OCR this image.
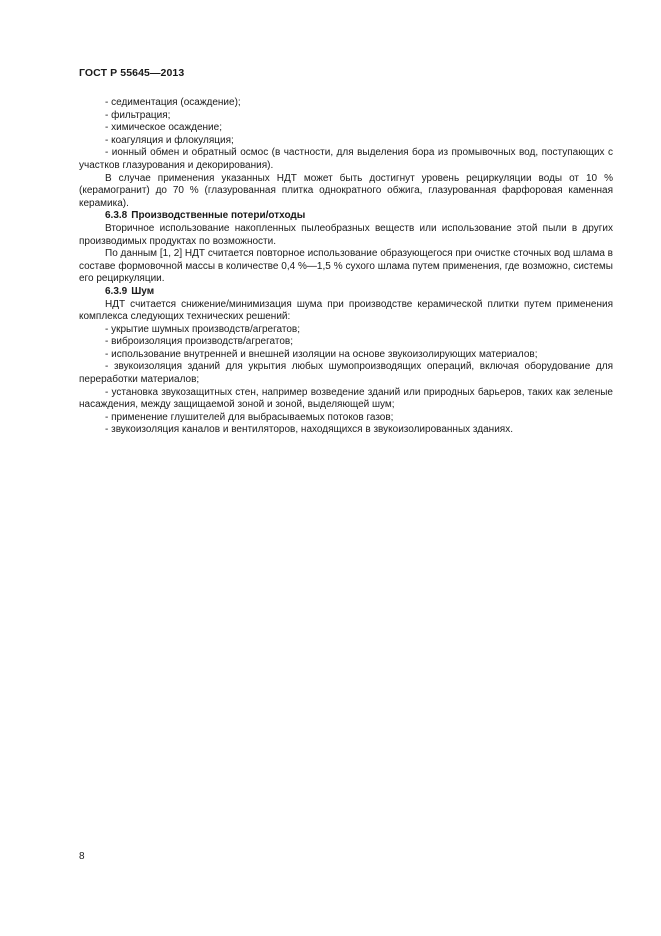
ГОСТ Р 55645—2013

- седиментация (осаждение);

- фильтрация;

- химическое осаждение;

- коагуляция и флокуляция;

- ионный обмен и обратный осмос (в частности, для выделения бора из промывочных вод, поступающих с участков глазурования и декорирования).

В случае применения указанных НДТ может быть достигнут уровень рециркуляции воды от 10 % (керамогранит) до 70 % (глазурованная плитка однократного обжига, глазурованная фарфоровая каменная керамика).

6.3.8 Производственные потери/отходы

Вторичное использование накопленных пылеобразных веществ или использование этой пыли в других производимых продуктах по возможности.

По данным [1, 2] НДТ считается повторное использование образующегося при очистке сточных вод шлама в составе формовочной массы в количестве 0,4 %—1,5 % сухого шлама путем применения, где возможно, системы его рециркуляции.

6.3.9 Шум

НДТ считается снижение/минимизация шума при производстве керамической плитки путем применения комплекса следующих технических решений:

- укрытие шумных производств/агрегатов;

- виброизоляция производств/агрегатов;

- использование внутренней и внешней изоляции на основе звукоизолирующих материалов;

- звукоизоляция зданий для укрытия любых шумопроизводящих операций, включая оборудование для переработки материалов;

- установка звукозащитных стен, например возведение зданий или природных барьеров, таких как зеленые насаждения, между защищаемой зоной и зоной, выделяющей шум;

- применение глушителей для выбрасываемых потоков газов;

- звукоизоляция каналов и вентиляторов, находящихся в звукоизолированных зданиях.

8
